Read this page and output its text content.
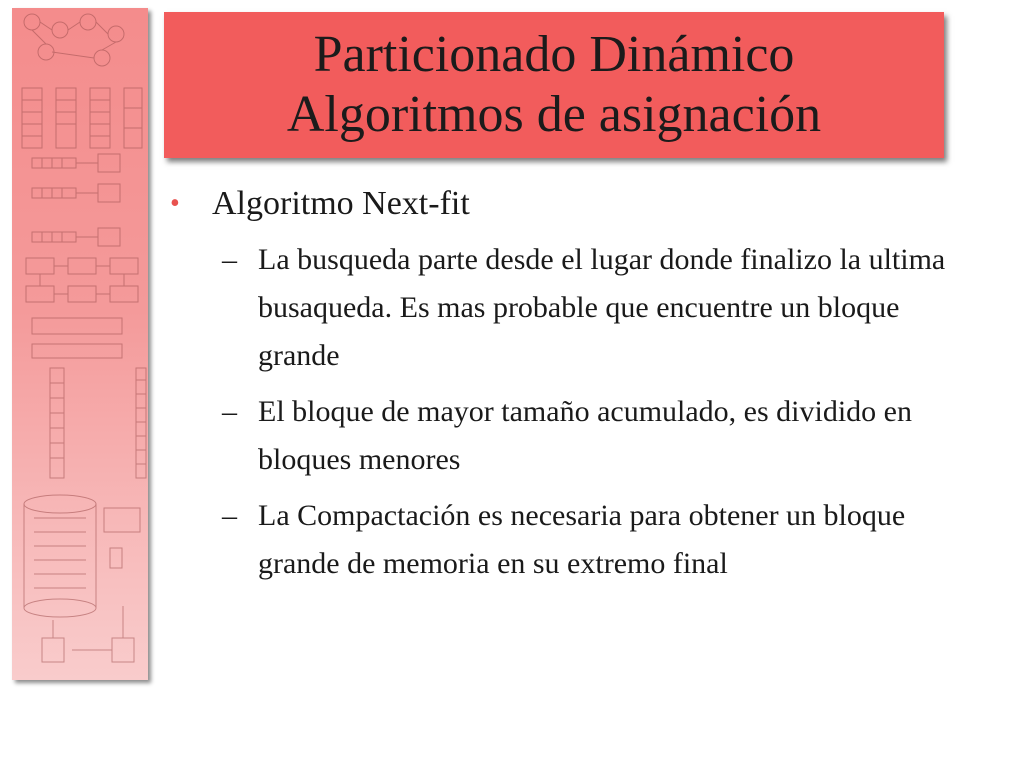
Particionado Dinámico
Algoritmos de asignación
• Algoritmo Next-fit
– La busqueda parte desde el lugar donde finalizo la ultima busaqueda. Es mas probable que encuentre un bloque grande
– El bloque de mayor tamaño acumulado, es dividido en bloques menores
– La Compactación es necesaria para obtener un bloque grande de memoria en su extremo final
